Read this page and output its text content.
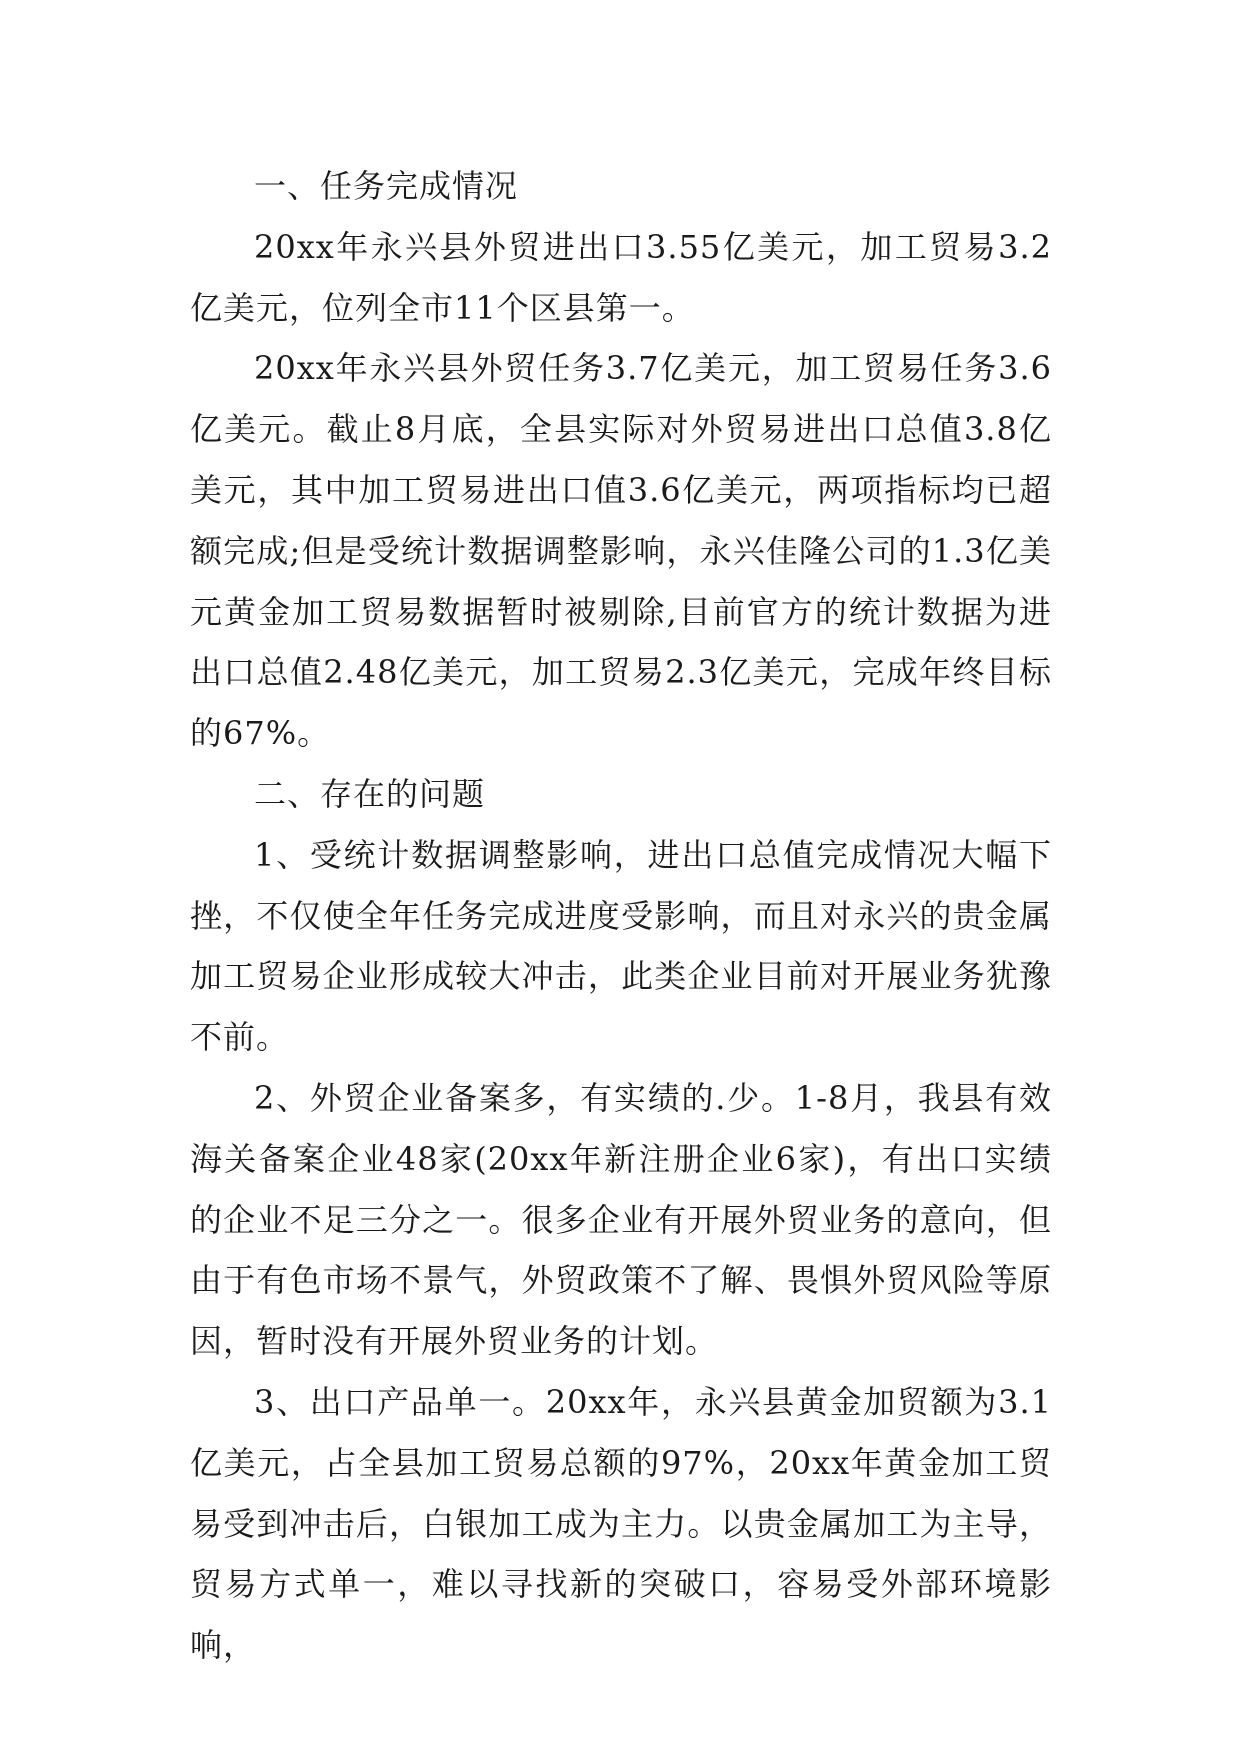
一、任务完成情况

20xx年永兴县外贸进出口3.55亿美元，加工贸易3.2亿美元，位列全市11个区县第一。

20xx年永兴县外贸任务3.7亿美元，加工贸易任务3.6亿美元。截止8月底，全县实际对外贸易进出口总值3.8亿美元，其中加工贸易进出口值3.6亿美元，两项指标均已超额完成;但是受统计数据调整影响，永兴佳隆公司的1.3亿美元黄金加工贸易数据暂时被剔除,目前官方的统计数据为进出口总值2.48亿美元，加工贸易2.3亿美元，完成年终目标的67%。

二、存在的问题

1、受统计数据调整影响，进出口总值完成情况大幅下挫，不仅使全年任务完成进度受影响，而且对永兴的贵金属加工贸易企业形成较大冲击，此类企业目前对开展业务犹豫不前。

2、外贸企业备案多，有实绩的.少。1-8月，我县有效海关备案企业48家(20xx年新注册企业6家)，有出口实绩的企业不足三分之一。很多企业有开展外贸业务的意向，但由于有色市场不景气，外贸政策不了解、畏惧外贸风险等原因，暂时没有开展外贸业务的计划。

3、出口产品单一。20xx年，永兴县黄金加贸额为3.1亿美元，占全县加工贸易总额的97%，20xx年黄金加工贸易受到冲击后，白银加工成为主力。以贵金属加工为主导，贸易方式单一，难以寻找新的突破口，容易受外部环境影响，
